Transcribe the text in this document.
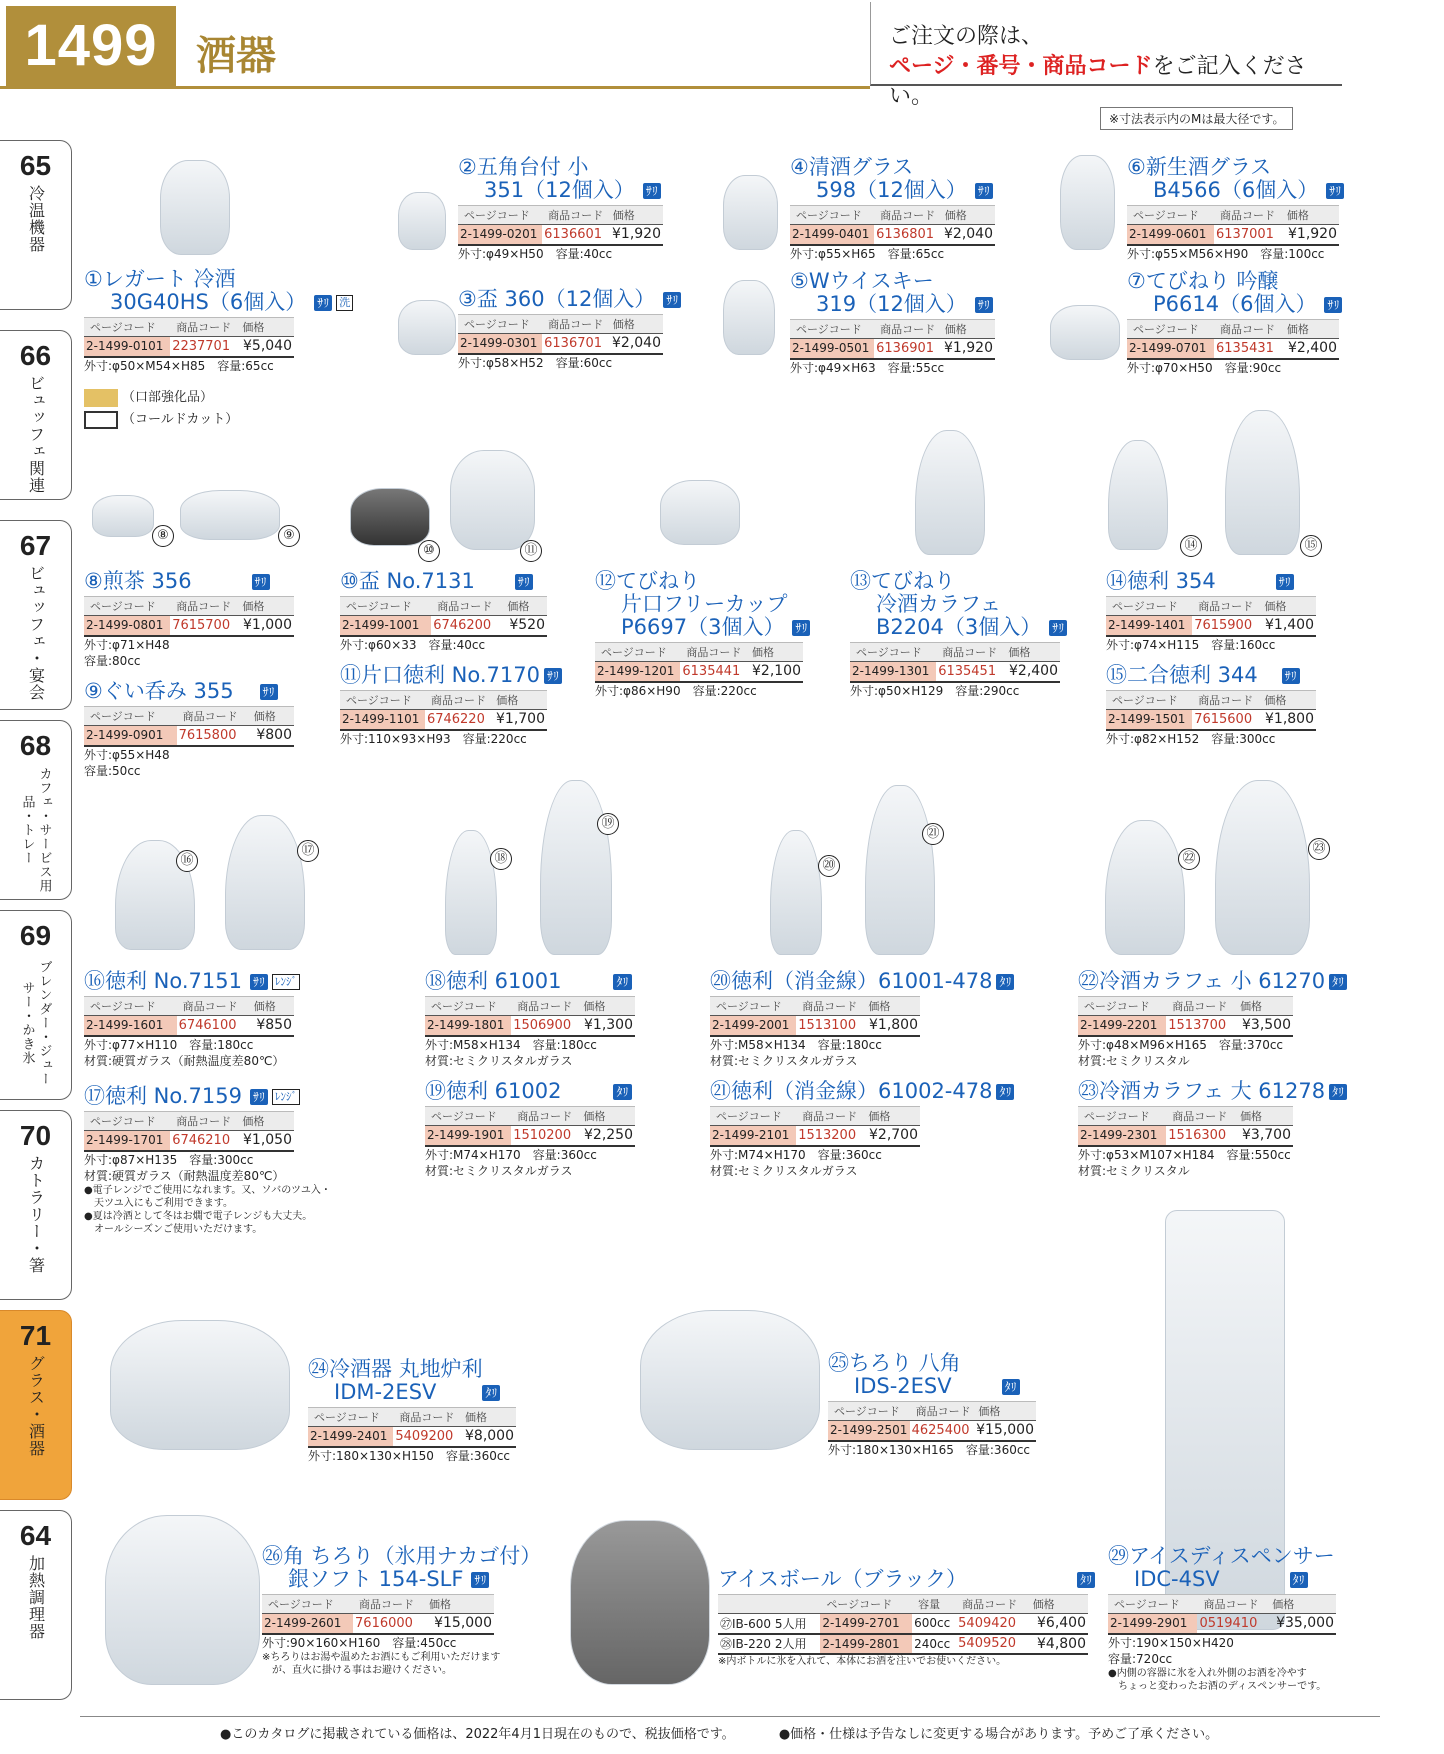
1499 酒器	ご注文の際は、
ページ・番号・商品コードをご記入ください。
※寸法表示内のMは最大径です。
65
冷温機器
66
ビュッフェ関連
67
ビュッフェ・宴会
68
カフェ・サービス用品・トレー
69
ブレンダー・ジューサー・かき氷
70
カトラリー・箸
71
グラス・酒器
64
加熱調理器
⑧	⑨
⑩	⑪	⑭	⑮
⑯
⑰
⑱
⑲
⑳
㉑
㉒
㉓
（口部強化品）
（コールドカット）
①レガート 冷酒
30G40HS（6個入） ｻﾘ 洗
ページコード	商品コード	価格
2-1499-0101	2237701	¥5,040
外寸:φ50×M54×H85　容量:65cc
②五角台付 小
351（12個入） ｻﾘ
ページコード	商品コード	価格
2-1499-0201	6136601	¥1,920
外寸:φ49×H50　容量:40cc
③盃 360（12個入） ｻﾘ
ページコード	商品コード	価格
2-1499-0301	6136701	¥2,040
外寸:φ58×H52　容量:60cc
④清酒グラス
598（12個入） ｻﾘ
ページコード	商品コード	価格
2-1499-0401	6136801	¥2,040
外寸:φ55×H65　容量:65cc
⑤Wウイスキー
319（12個入） ｻﾘ
ページコード	商品コード	価格
2-1499-0501	6136901	¥1,920
外寸:φ49×H63　容量:55cc
⑥新生酒グラス
B4566（6個入） ｻﾘ
ページコード	商品コード	価格
2-1499-0601	6137001	¥1,920
外寸:φ55×M56×H90　容量:100cc
⑦てびねり 吟醸
P6614（6個入） ｻﾘ
ページコード	商品コード	価格
2-1499-0701	6135431	¥2,400
外寸:φ70×H50　容量:90cc
⑧煎茶 356	ｻﾘ
ページコード	商品コード	価格
2-1499-0801	7615700	¥1,000
外寸:φ71×H48
容量:80cc
⑨ぐい呑み 355 ｻﾘ
ページコード	商品コード	価格
2-1499-0901	7615800	¥800
外寸:φ55×H48
容量:50cc
⑩盃 No.7131	ｻﾘ
ページコード	商品コード	価格
2-1499-1001	6746200	¥520
外寸:φ60×33　容量:40cc
⑪片口徳利 No.7170 ｻﾘ
ページコード	商品コード	価格
2-1499-1101	6746220	¥1,700
外寸:110×93×H93　容量:220cc
⑫てびねり
片口フリーカップ
P6697（3個入） ｻﾘ
ページコード	商品コード	価格
2-1499-1201	6135441	¥2,100
外寸:φ86×H90　容量:220cc
⑬てびねり
冷酒カラフェ
B2204（3個入） ｻﾘ
ページコード	商品コード	価格
2-1499-1301	6135451	¥2,400
外寸:φ50×H129　容量:290cc
⑭徳利 354	ｻﾘ
ページコード	商品コード	価格
2-1499-1401	7615900	¥1,400
外寸:φ74×H115　容量:160cc
⑮二合徳利 344 ｻﾘ
ページコード	商品コード	価格
2-1499-1501	7615600	¥1,800
外寸:φ82×H152　容量:300cc
⑯徳利 No.7151 ｻﾘ ﾚﾝｼﾞ
ページコード	商品コード	価格
2-1499-1601	6746100	¥850
外寸:φ77×H110　容量:180cc
材質:硬質ガラス（耐熱温度差80℃）
⑰徳利 No.7159 ｻﾘ ﾚﾝｼﾞ
ページコード	商品コード	価格
2-1499-1701	6746210	¥1,050
外寸:φ87×H135　容量:300cc
材質:硬質ガラス（耐熱温度差80℃）
●電子レンジでご使用になれます。又、ソバのツユ入・
　天ツユ入にもご利用できます。
●夏は冷酒として冬はお燗で電子レンジも大丈夫。
　オールシーズンご使用いただけます。
⑱徳利 61001	ﾀﾘ
ページコード	商品コード	価格
2-1499-1801	1506900	¥1,300
外寸:M58×H134　容量:180cc
材質:セミクリスタルガラス
⑲徳利 61002	ﾀﾘ
ページコード	商品コード	価格
2-1499-1901	1510200	¥2,250
外寸:M74×H170　容量:360cc
材質:セミクリスタルガラス
⑳徳利（消金線）61001-478 ﾀﾘ
ページコード	商品コード	価格
2-1499-2001	1513100	¥1,800
外寸:M58×H134　容量:180cc
材質:セミクリスタルガラス
㉑徳利（消金線）61002-478 ﾀﾘ
ページコード	商品コード	価格
2-1499-2101	1513200	¥2,700
外寸:M74×H170　容量:360cc
材質:セミクリスタルガラス
㉒冷酒カラフェ 小 61270 ﾀﾘ
ページコード	商品コード	価格
2-1499-2201	1513700	¥3,500
外寸:φ48×M96×H165　容量:370cc
材質:セミクリスタル
㉓冷酒カラフェ 大 61278 ﾀﾘ
ページコード	商品コード	価格
2-1499-2301	1516300	¥3,700
外寸:φ53×M107×H184　容量:550cc
材質:セミクリスタル
㉔冷酒器 丸地炉利
IDM-2ESV	ﾀﾘ
ページコード	商品コード	価格
2-1499-2401	5409200	¥8,000
外寸:180×130×H150　容量:360cc
㉕ちろり 八角
IDS-2ESV	ﾀﾘ
ページコード	商品コード	価格
2-1499-2501	4625400	¥15,000
外寸:180×130×H165　容量:360cc
㉖角 ちろり（氷用ナカゴ付）
銀ソフト 154-SLF ｻﾘ
ページコード	商品コード	価格
2-1499-2601	7616000	¥15,000
外寸:90×160×H160　容量:450cc
※ちろりはお湯や温めたお酒にもご利用いただけます
　が、直火に掛ける事はお避けください。
アイスボール（ブラック）	ﾀﾘ
	ページコード	容量	商品コード	価格
㉗IB-600 5人用	2-1499-2701	600cc	5409420	¥6,400
㉘IB-220 2人用	2-1499-2801	240cc	5409520	¥4,800
※内ボトルに氷を入れて、本体にお酒を注いでお使いください。
㉙アイスディスペンサー
IDC-4SV	ﾀﾘ
ページコード	商品コード	価格
2-1499-2901	0519410	¥35,000
外寸:190×150×H420
容量:720cc
●内側の容器に氷を入れ外側のお酒を冷やす
　ちょっと変わったお酒のディスペンサーです。
●このカタログに掲載されている価格は、2022年4月1日現在のもので、税抜価格です。	●価格・仕様は予告なしに変更する場合があります。予めご了承ください。
